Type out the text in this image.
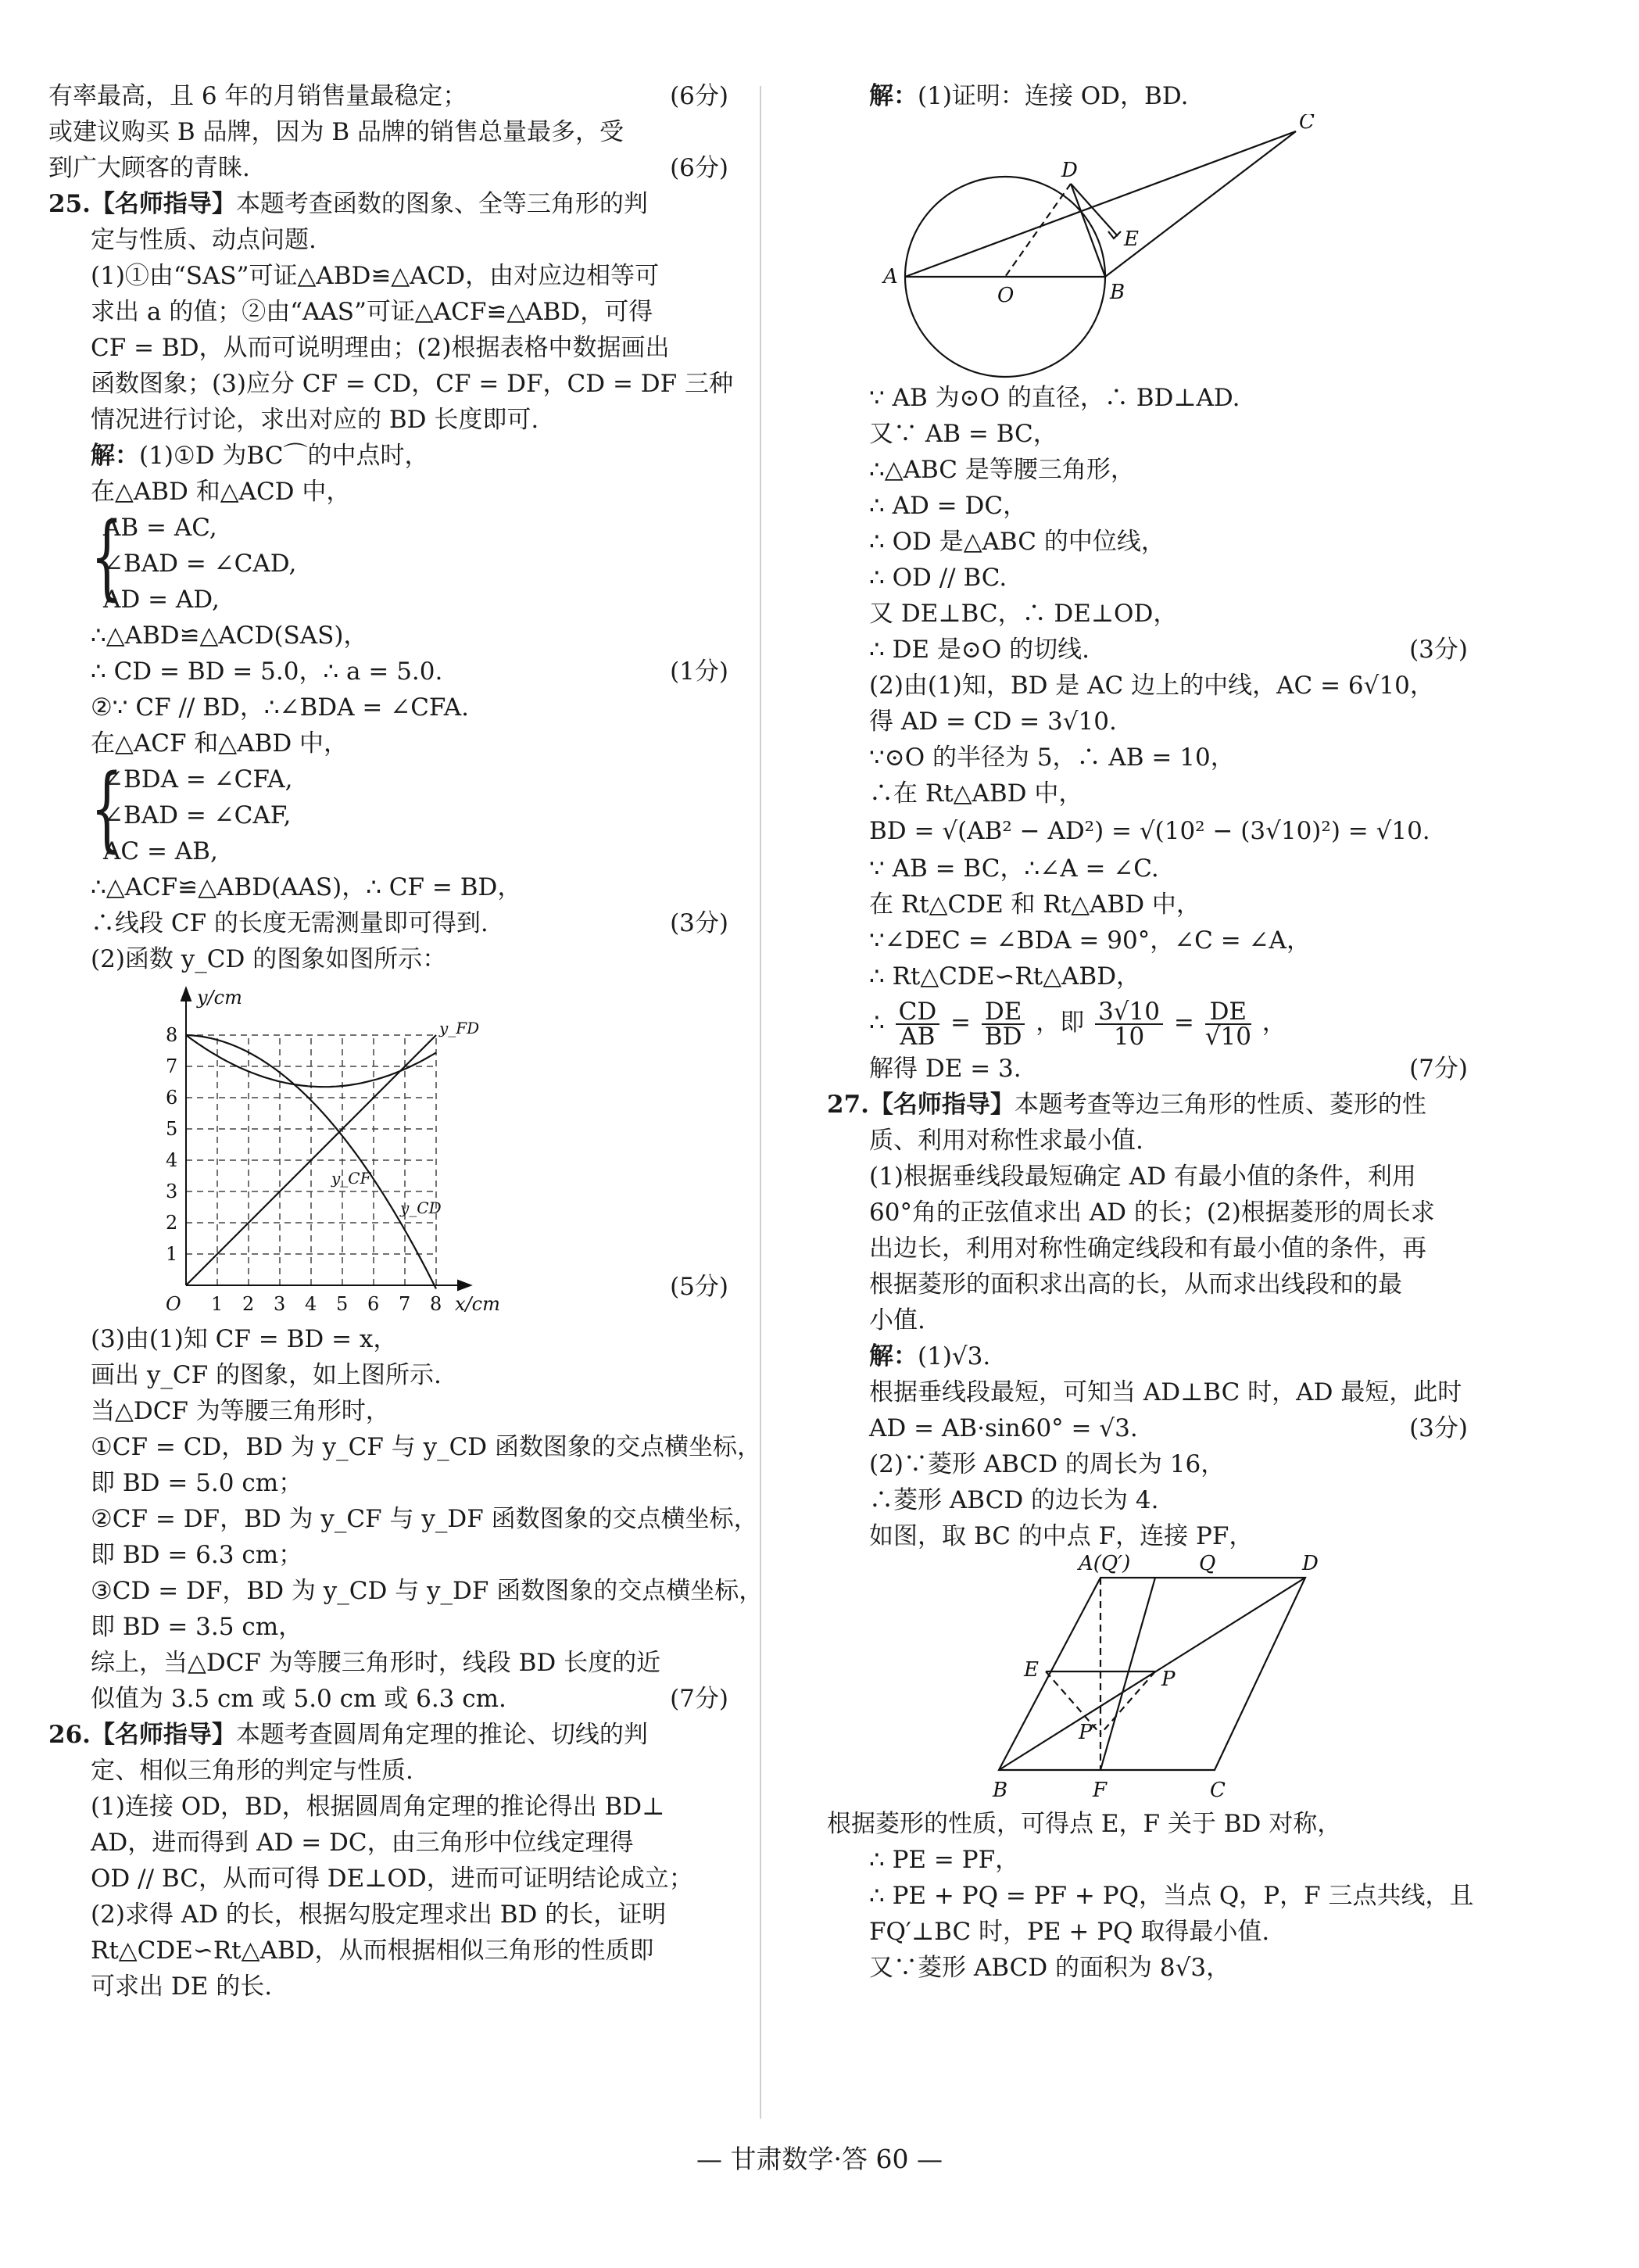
有率最高，且 6 年的月销售量最稳定；	(6分)
或建议购买 B 品牌，因为 B 品牌的销售总量最多，受
到广大顾客的青睐.	(6分)
25.【名师指导】本题考查函数的图象、全等三角形的判
定与性质、动点问题.
(1)①由“SAS”可证△ABD≌△ACD，由对应边相等可
求出 a 的值；②由“AAS”可证△ACF≌△ABD，可得
CF = BD，从而可说明理由；(2)根据表格中数据画出
函数图象；(3)应分 CF = CD，CF = DF，CD = DF 三种
情况进行讨论，求出对应的 BD 长度即可.
解：(1)①D 为BC⌒的中点时，
在△ABD 和△ACD 中，
{
AB = AC,
∠BAD = ∠CAD,
AD = AD,
∴△ABD≌△ACD(SAS)，
∴ CD = BD = 5.0，∴ a = 5.0.	(1分)
②∵ CF // BD，∴∠BDA = ∠CFA.
在△ACF 和△ABD 中，
{
∠BDA = ∠CFA,
∠BAD = ∠CAF,
AC = AB,
∴△ACF≌△ABD(AAS)，∴ CF = BD，
∴线段 CF 的长度无需测量即可得到.	(3分)
(2)函数 y_CD 的图象如图所示：
y/cm
x/cm
O
1
2
3
4
5
6
7
8
1 2 3 4 5 6 7 8
y_FD
y_CF
y_CD
(5分)
(3)由(1)知 CF = BD = x，
画出 y_CF 的图象，如上图所示.
当△DCF 为等腰三角形时，
①CF = CD，BD 为 y_CF 与 y_CD 函数图象的交点横坐标，
即 BD = 5.0 cm；
②CF = DF，BD 为 y_CF 与 y_DF 函数图象的交点横坐标，
即 BD = 6.3 cm；
③CD = DF，BD 为 y_CD 与 y_DF 函数图象的交点横坐标，
即 BD = 3.5 cm，
综上，当△DCF 为等腰三角形时，线段 BD 长度的近
似值为 3.5 cm 或 5.0 cm 或 6.3 cm.	(7分)
26.【名师指导】本题考查圆周角定理的推论、切线的判
定、相似三角形的判定与性质.
(1)连接 OD，BD，根据圆周角定理的推论得出 BD⊥
AD，进而得到 AD = DC，由三角形中位线定理得
OD // BC，从而可得 DE⊥OD，进而可证明结论成立；
(2)求得 AD 的长，根据勾股定理求出 BD 的长，证明
Rt△CDE∽Rt△ABD，从而根据相似三角形的性质即
可求出 DE 的长.
解：(1)证明：连接 OD，BD.
A
B
C
D
E
O
∵ AB 为⊙O 的直径，∴ BD⊥AD.
又∵ AB = BC，
∴△ABC 是等腰三角形，
∴ AD = DC，
∴ OD 是△ABC 的中位线，
∴ OD // BC.
又 DE⊥BC，∴ DE⊥OD，
∴ DE 是⊙O 的切线.	(3分)
(2)由(1)知，BD 是 AC 边上的中线，AC = 6√10，
得 AD = CD = 3√10.
∵⊙O 的半径为 5，∴ AB = 10，
∴在 Rt△ABD 中，
BD = √(AB² − AD²) = √(10² − (3√10)²) = √10.
∵ AB = BC，∴∠A = ∠C.
在 Rt△CDE 和 Rt△ABD 中，
∵∠DEC = ∠BDA = 90°，∠C = ∠A，
∴ Rt△CDE∽Rt△ABD，
∴ $\frac{CD}{AB} = \frac{DE}{BD}$ ，即 $\frac{3√10}{10} = \frac{DE}{√10}$ ，
解得 DE = 3.	(7分)
27.【名师指导】本题考查等边三角形的性质、菱形的性
质、利用对称性求最小值.
(1)根据垂线段最短确定 AD 有最小值的条件，利用
60°角的正弦值求出 AD 的长；(2)根据菱形的周长求
出边长，利用对称性确定线段和有最小值的条件，再
根据菱形的面积求出高的长，从而求出线段和的最
小值.
解：(1)√3.
根据垂线段最短，可知当 AD⊥BC 时，AD 最短，此时
AD = AB·sin60° = √3.	(3分)
(2)∵菱形 ABCD 的周长为 16，
∴菱形 ABCD 的边长为 4.
如图，取 BC 的中点 F，连接 PF，
A(Q′)	Q	D
E	P
P′
B	F	C
根据菱形的性质，可得点 E，F 关于 BD 对称，
∴ PE = PF，
∴ PE + PQ = PF + PQ，当点 Q，P，F 三点共线，且
FQ′⊥BC 时，PE + PQ 取得最小值.
又∵菱形 ABCD 的面积为 8√3，
— 甘肃数学·答 60 —
